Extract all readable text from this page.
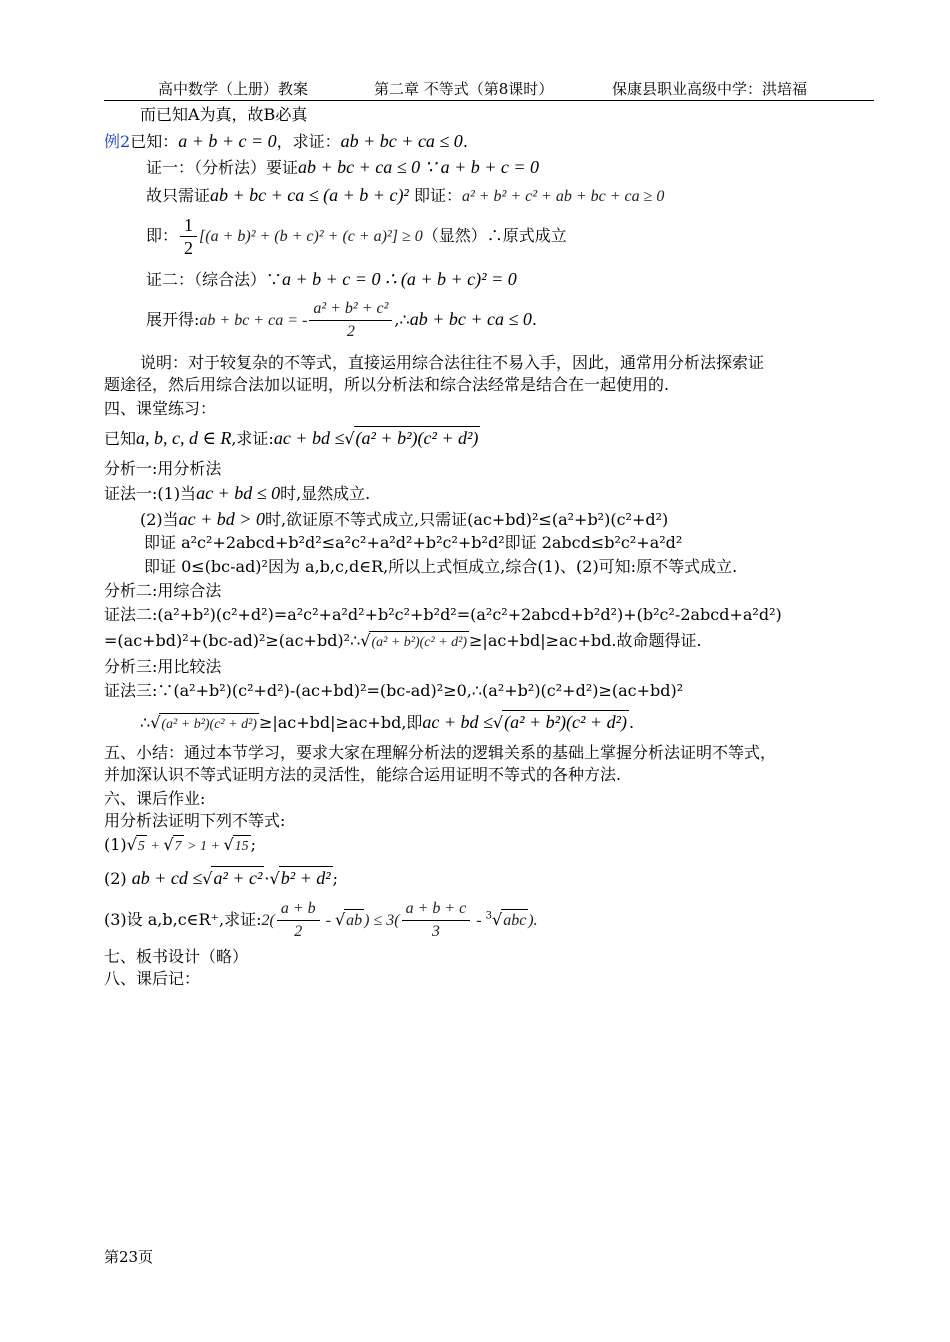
高中数学（上册）教案	第二章 不等式（第8课时）	保康县职业高级中学：洪培福
而已知A为真，故B必真
例2已知：a + b + c = 0，求证：ab + bc + ca ≤ 0.
证一：（分析法）要证ab + bc + ca ≤ 0 ∵ a + b + c = 0
故只需证ab + bc + ca ≤ (a + b + c)² 即证：a² + b² + c² + ab + bc + ca ≥ 0
即： $\frac{1}{2} [(a + b)^2 + (b + c)^2 + (c + a)^2] \ge 0$（显然）∴原式成立
证二：（综合法）∵a + b + c = 0 ∴ (a + b + c)² = 0
展开得:ab + bc + ca = - $\frac{\text{a² + b² + c²}}{2}$ ,∴ab + bc + ca ≤ 0.
说明：对于较复杂的不等式，直接运用综合法往往不易入手，因此，通常用分析法探索证
题途径，然后用综合法加以证明，所以分析法和综合法经常是结合在一起使用的.
四、课堂练习：
已知a, b, c, d ∈ R,求证:ac + bd ≤√(a² + b²)(c² + d²)
分析一:用分析法
证法一:(1)当ac + bd ≤ 0时,显然成立.
(2)当ac + bd > 0时,欲证原不等式成立,只需证(ac+bd)²≤(a²+b²)(c²+d²)
即证 a²c²+2abcd+b²d²≤a²c²+a²d²+b²c²+b²d²即证 2abcd≤b²c²+a²d²
即证 0≤(bc-ad)²因为 a,b,c,d∈R,所以上式恒成立,综合(1)、(2)可知:原不等式成立.
分析二:用综合法
证法二:(a²+b²)(c²+d²)=a²c²+a²d²+b²c²+b²d²=(a²c²+2abcd+b²d²)+(b²c²-2abcd+a²d²)
=(ac+bd)²+(bc-ad)²≥(ac+bd)²∴√(a² + b²)(c² + d²) ≥|ac+bd|≥ac+bd.故命题得证.
分析三:用比较法
证法三:∵(a²+b²)(c²+d²)-(ac+bd)²=(bc-ad)²≥0,∴(a²+b²)(c²+d²)≥(ac+bd)²
∴√(a² + b²)(c² + d²) ≥|ac+bd|≥ac+bd,即ac + bd ≤√(a² + b²)(c² + d²) .
五、小结：通过本节学习，要求大家在理解分析法的逻辑关系的基础上掌握分析法证明不等式，
并加深认识不等式证明方法的灵活性，能综合运用证明不等式的各种方法.
六、课后作业:
用分析法证明下列不等式:
(1)√5 + √7 > 1 + √15 ;
(2) ab + cd ≤√a² + c² ·√b² + d² ;
(3)设 a,b,c∈R⁺,求证:2( $\frac{a + b}{2} - √ab$ ) ≤ $3( \frac{a + b + c}{3} - ^3√abc$ ).
七、板书设计（略）
八、课后记：
第23页
